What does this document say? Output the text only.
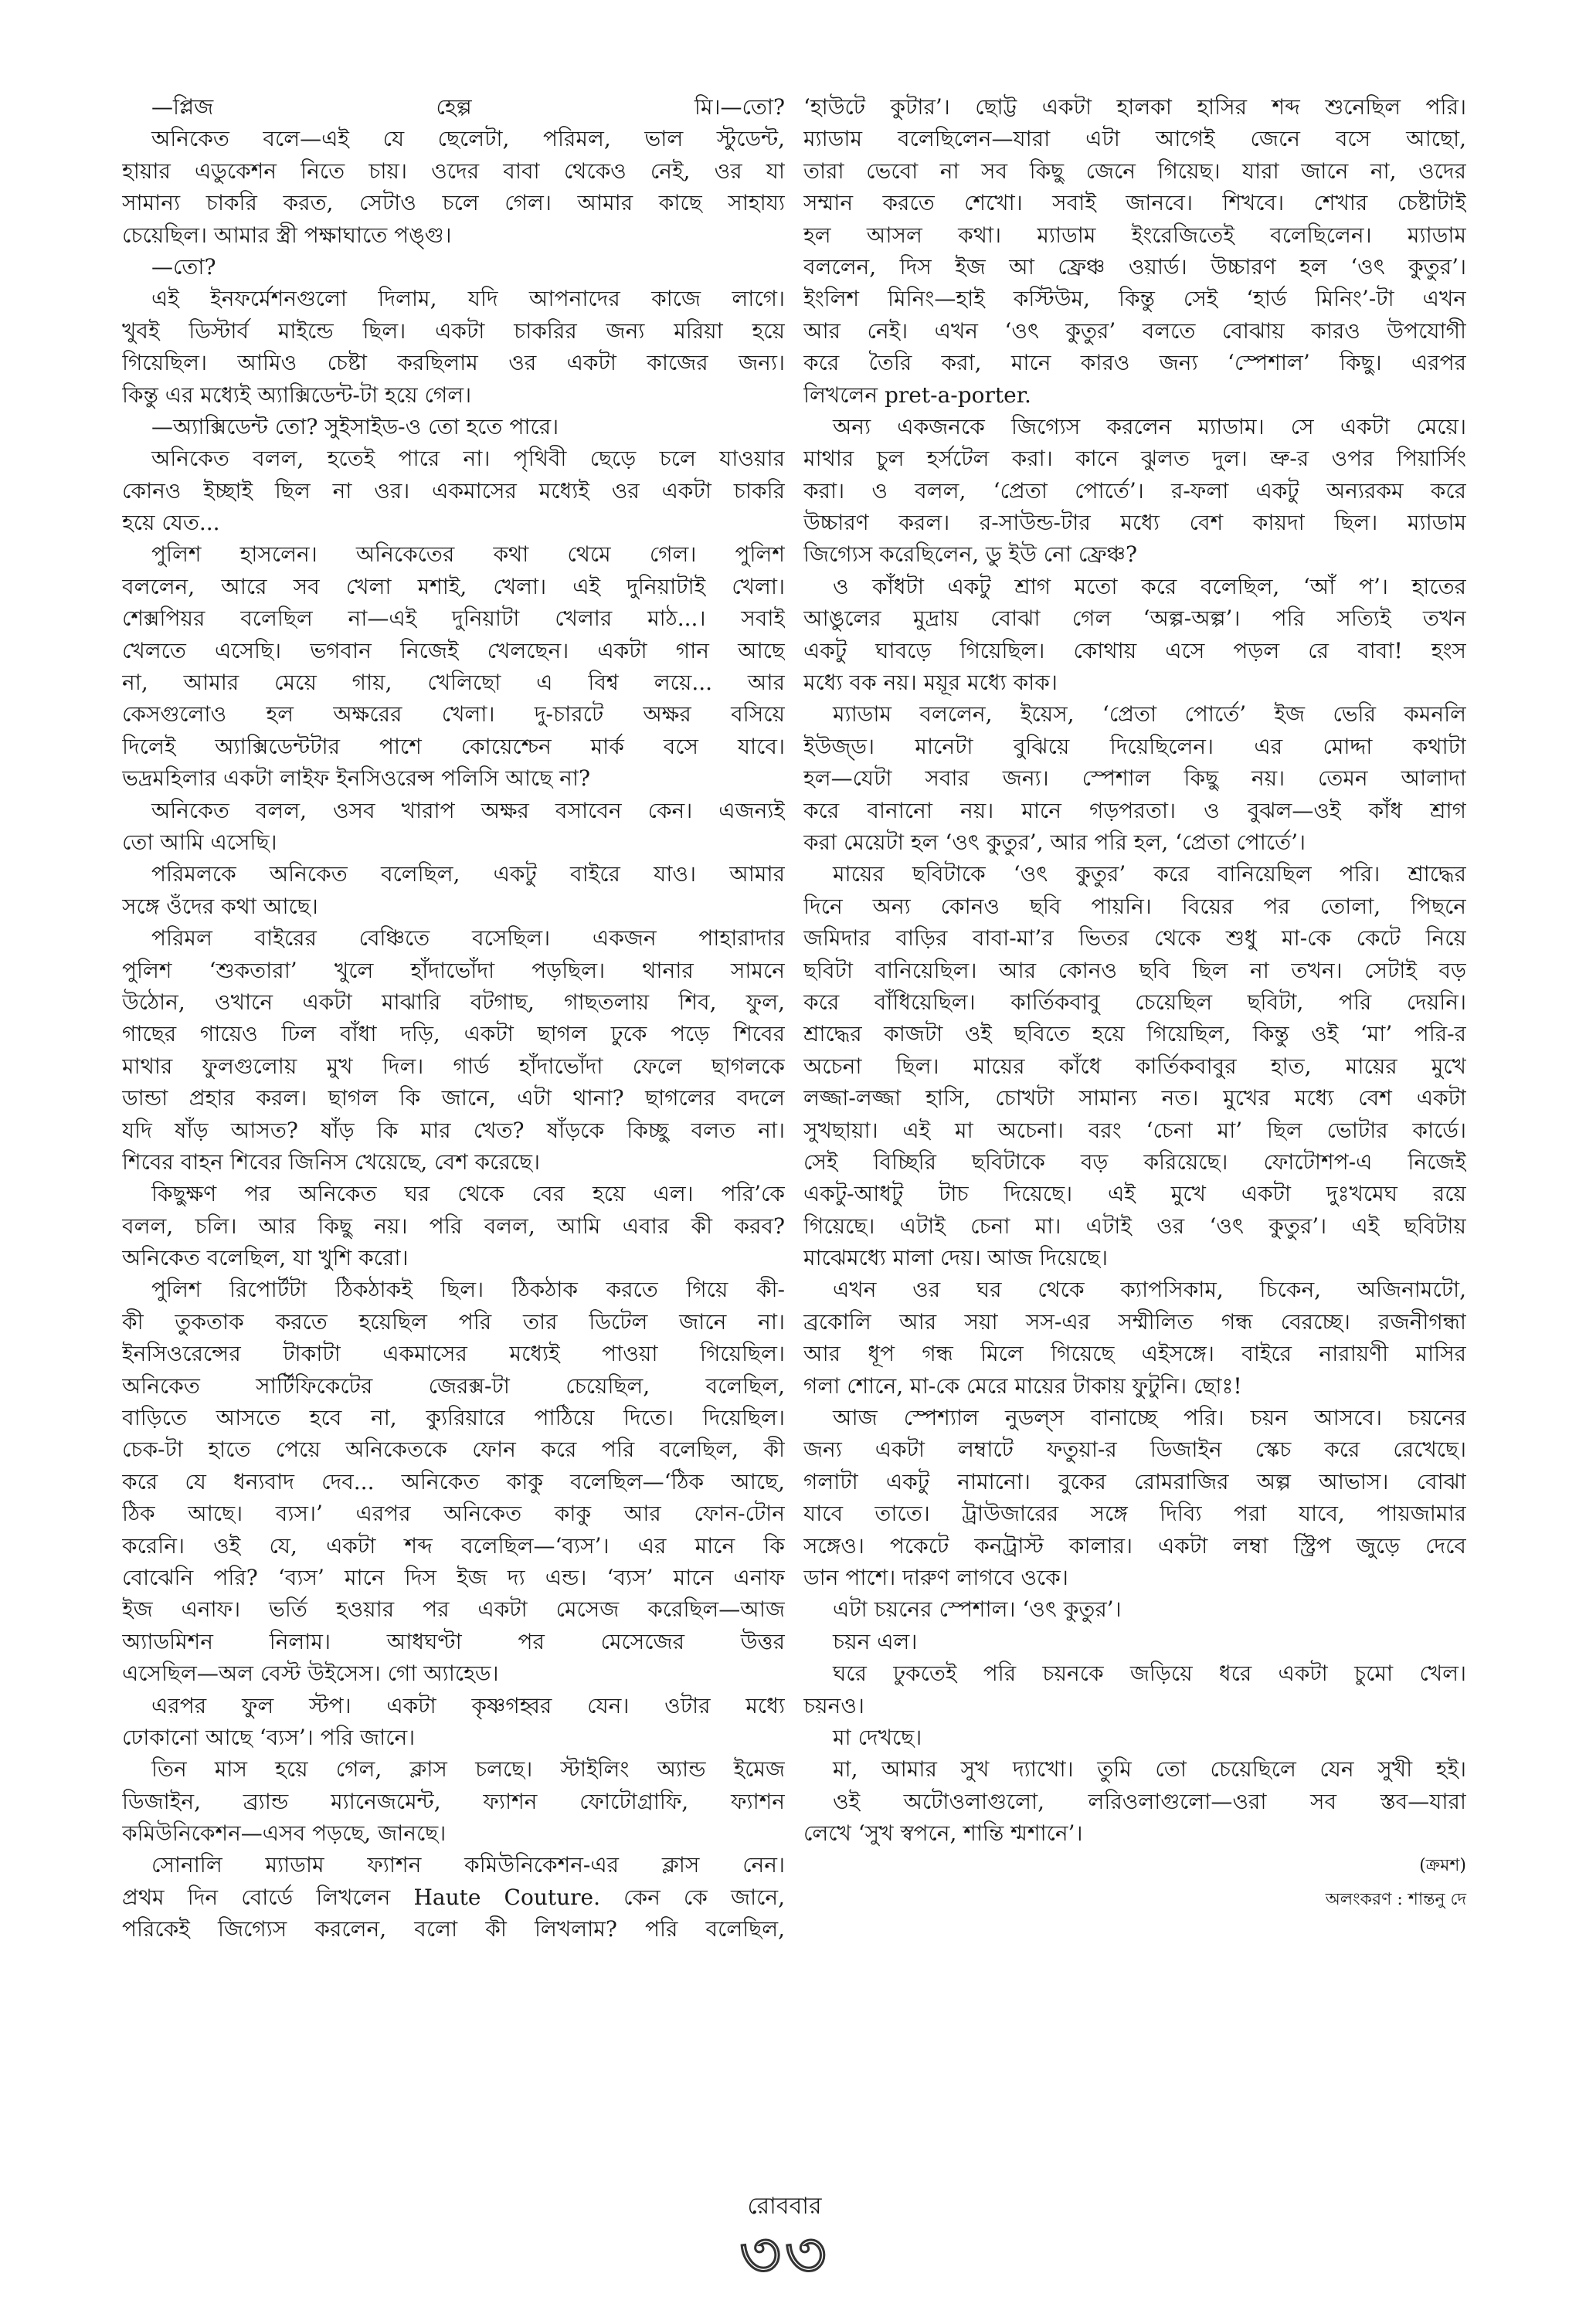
—প্লিজ হেল্প মি।—তো?
অনিকেত বলে—এই যে ছেলেটা, পরিমল, ভাল স্টুডেন্ট,
হায়ার এডুকেশন নিতে চায়। ওদের বাবা থেকেও নেই, ওর যা
সামান্য চাকরি করত, সেটাও চলে গেল। আমার কাছে সাহায্য
চেয়েছিল। আমার স্ত্রী পক্ষাঘাতে পঙ্গু।
—তো?
এই ইনফর্মেশনগুলো দিলাম, যদি আপনাদের কাজে লাগে।
খুবই ডিস্টার্ব মাইন্ডে ছিল। একটা চাকরির জন্য মরিয়া হয়ে
গিয়েছিল। আমিও চেষ্টা করছিলাম ওর একটা কাজের জন্য।
কিন্তু এর মধ্যেই অ্যাক্সিডেন্ট-টা হয়ে গেল।
—অ্যাক্সিডেন্ট তো? সুইসাইড-ও তো হতে পারে।
অনিকেত বলল, হতেই পারে না। পৃথিবী ছেড়ে চলে যাওয়ার
কোনও ইচ্ছাই ছিল না ওর। একমাসের মধ্যেই ওর একটা চাকরি
হয়ে যেত...
পুলিশ হাসলেন। অনিকেতের কথা থেমে গেল। পুলিশ
বললেন, আরে সব খেলা মশাই, খেলা। এই দুনিয়াটাই খেলা।
শেক্সপিয়র বলেছিল না—এই দুনিয়াটা খেলার মাঠ...। সবাই
খেলতে এসেছি। ভগবান নিজেই খেলছেন। একটা গান আছে
না, আমার মেয়ে গায়, খেলিছো এ বিশ্ব লয়ে... আর
কেসগুলোও হল অক্ষরের খেলা। দু-চারটে অক্ষর বসিয়ে
দিলেই অ্যাক্সিডেন্টটার পাশে কোয়েশ্চেন মার্ক বসে যাবে।
ভদ্রমহিলার একটা লাইফ ইনসিওরেন্স পলিসি আছে না?
অনিকেত বলল, ওসব খারাপ অক্ষর বসাবেন কেন। এজন্যই
তো আমি এসেছি।
পরিমলকে অনিকেত বলেছিল, একটু বাইরে যাও। আমার
সঙ্গে ওঁদের কথা আছে।
পরিমল বাইরের বেঞ্চিতে বসেছিল। একজন পাহারাদার
পুলিশ ‘শুকতারা’ খুলে হাঁদাভোঁদা পড়ছিল। থানার সামনে
উঠোন, ওখানে একটা মাঝারি বটগাছ, গাছতলায় শিব, ফুল,
গাছের গায়েও ঢিল বাঁধা দড়ি, একটা ছাগল ঢুকে পড়ে শিবের
মাথার ফুলগুলোয় মুখ দিল। গার্ড হাঁদাভোঁদা ফেলে ছাগলকে
ডান্ডা প্রহার করল। ছাগল কি জানে, এটা থানা? ছাগলের বদলে
যদি ষাঁড় আসত? ষাঁড় কি মার খেত? ষাঁড়কে কিচ্ছু বলত না।
শিবের বাহন শিবের জিনিস খেয়েছে, বেশ করেছে।
কিছুক্ষণ পর অনিকেত ঘর থেকে বের হয়ে এল। পরি’কে
বলল, চলি। আর কিছু নয়। পরি বলল, আমি এবার কী করব?
অনিকেত বলেছিল, যা খুশি করো।
পুলিশ রিপোর্টটা ঠিকঠাকই ছিল। ঠিকঠাক করতে গিয়ে কী-
কী তুকতাক করতে হয়েছিল পরি তার ডিটেল জানে না।
ইনসিওরেন্সের টাকাটা একমাসের মধ্যেই পাওয়া গিয়েছিল।
অনিকেত সার্টিফিকেটের জেরক্স-টা চেয়েছিল, বলেছিল,
বাড়িতে আসতে হবে না, ক্যুরিয়ারে পাঠিয়ে দিতে। দিয়েছিল।
চেক-টা হাতে পেয়ে অনিকেতকে ফোন করে পরি বলেছিল, কী
করে যে ধন্যবাদ দেব... অনিকেত কাকু বলেছিল—‘ঠিক আছে,
ঠিক আছে। ব্যস।’ এরপর অনিকেত কাকু আর ফোন-টোন
করেনি। ওই যে, একটা শব্দ বলেছিল—‘ব্যস’। এর মানে কি
বোঝেনি পরি? ‘ব্যস’ মানে দিস ইজ দ্য এন্ড। ‘ব্যস’ মানে এনাফ
ইজ এনাফ। ভর্তি হওয়ার পর একটা মেসেজ করেছিল—আজ
অ্যাডমিশন নিলাম। আধঘণ্টা পর মেসেজের উত্তর
এসেছিল—অল বেস্ট উইসেস। গো অ্যাহেড।
এরপর ফুল স্টপ। একটা কৃষ্ণগহ্বর যেন। ওটার মধ্যে
ঢোকানো আছে ‘ব্যস’। পরি জানে।
তিন মাস হয়ে গেল, ক্লাস চলছে। স্টাইলিং অ্যান্ড ইমেজ
ডিজাইন, ব্র্যান্ড ম্যানেজমেন্ট, ফ্যাশন ফোটোগ্রাফি, ফ্যাশন
কমিউনিকেশন—এসব পড়ছে, জানছে।
সোনালি ম্যাডাম ফ্যাশন কমিউনিকেশন-এর ক্লাস নেন।
প্রথম দিন বোর্ডে লিখলেন Haute Couture. কেন কে জানে,
পরিকেই জিগ্যেস করলেন, বলো কী লিখলাম? পরি বলেছিল,
‘হাউটে কুটার’। ছোট্ট একটা হালকা হাসির শব্দ শুনেছিল পরি।
ম্যাডাম বলেছিলেন—যারা এটা আগেই জেনে বসে আছো,
তারা ভেবো না সব কিছু জেনে গিয়েছ। যারা জানে না, ওদের
সম্মান করতে শেখো। সবাই জানবে। শিখবে। শেখার চেষ্টাটাই
হল আসল কথা। ম্যাডাম ইংরেজিতেই বলেছিলেন। ম্যাডাম
বললেন, দিস ইজ আ ফ্রেঞ্চ ওয়ার্ড। উচ্চারণ হল ‘ওৎ কুতুর’।
ইংলিশ মিনিং—হাই কস্টিউম, কিন্তু সেই ‘হার্ড মিনিং’-টা এখন
আর নেই। এখন ‘ওৎ কুতুর’ বলতে বোঝায় কারও উপযোগী
করে তৈরি করা, মানে কারও জন্য ‘স্পেশাল’ কিছু। এরপর
লিখলেন pret-a-porter.
অন্য একজনকে জিগ্যেস করলেন ম্যাডাম। সে একটা মেয়ে।
মাথার চুল হর্সটেল করা। কানে ঝুলত দুল। ভ্রু-র ওপর পিয়ার্সিং
করা। ও বলল, ‘প্রেতা পোর্তে’। র-ফলা একটু অন্যরকম করে
উচ্চারণ করল। র-সাউন্ড-টার মধ্যে বেশ কায়দা ছিল। ম্যাডাম
জিগ্যেস করেছিলেন, ডু ইউ নো ফ্রেঞ্চ?
ও কাঁধটা একটু শ্রাগ মতো করে বলেছিল, ‘আঁ প’। হাতের
আঙুলের মুদ্রায় বোঝা গেল ‘অল্প-অল্প’। পরি সত্যিই তখন
একটু ঘাবড়ে গিয়েছিল। কোথায় এসে পড়ল রে বাবা! হংস
মধ্যে বক নয়। ময়ূর মধ্যে কাক।
ম্যাডাম বললেন, ইয়েস, ‘প্রেতা পোর্তে’ ইজ ভেরি কমনলি
ইউজ্‌ড। মানেটা বুঝিয়ে দিয়েছিলেন। এর মোদ্দা কথাটা
হল—যেটা সবার জন্য। স্পেশাল কিছু নয়। তেমন আলাদা
করে বানানো নয়। মানে গড়পরতা। ও বুঝল—ওই কাঁধ শ্রাগ
করা মেয়েটা হল ‘ওৎ কুতুর’, আর পরি হল, ‘প্রেতা পোর্তে’।
মায়ের ছবিটাকে ‘ওৎ কুতুর’ করে বানিয়েছিল পরি। শ্রাদ্ধের
দিনে অন্য কোনও ছবি পায়নি। বিয়ের পর তোলা, পিছনে
জমিদার বাড়ির বাবা-মা’র ভিতর থেকে শুধু মা-কে কেটে নিয়ে
ছবিটা বানিয়েছিল। আর কোনও ছবি ছিল না তখন। সেটাই বড়
করে বাঁধিয়েছিল। কার্তিকবাবু চেয়েছিল ছবিটা, পরি দেয়নি।
শ্রাদ্ধের কাজটা ওই ছবিতে হয়ে গিয়েছিল, কিন্তু ওই ‘মা’ পরি-র
অচেনা ছিল। মায়ের কাঁধে কার্তিকবাবুর হাত, মায়ের মুখে
লজ্জা-লজ্জা হাসি, চোখটা সামান্য নত। মুখের মধ্যে বেশ একটা
সুখছায়া। এই মা অচেনা। বরং ‘চেনা মা’ ছিল ভোটার কার্ডে।
সেই বিচ্ছিরি ছবিটাকে বড় করিয়েছে। ফোটোশপ-এ নিজেই
একটু-আধটু টাচ দিয়েছে। এই মুখে একটা দুঃখমেঘ রয়ে
গিয়েছে। এটাই চেনা মা। এটাই ওর ‘ওৎ কুতুর’। এই ছবিটায়
মাঝেমধ্যে মালা দেয়। আজ দিয়েছে।
এখন ওর ঘর থেকে ক্যাপসিকাম, চিকেন, অজিনামটো,
ব্রকোলি আর সয়া সস-এর সম্মীলিত গন্ধ বেরচ্ছে। রজনীগন্ধা
আর ধূপ গন্ধ মিলে গিয়েছে এইসঙ্গে। বাইরে নারায়ণী মাসির
গলা শোনে, মা-কে মেরে মায়ের টাকায় ফুটুনি। ছোঃ!
আজ স্পেশ্যাল নুডল্‌স বানাচ্ছে পরি। চয়ন আসবে। চয়নের
জন্য একটা লম্বাটে ফতুয়া-র ডিজাইন স্কেচ করে রেখেছে।
গলাটা একটু নামানো। বুকের রোমরাজির অল্প আভাস। বোঝা
যাবে তাতে। ট্রাউজারের সঙ্গে দিব্যি পরা যাবে, পায়জামার
সঙ্গেও। পকেটে কনট্রাস্ট কালার। একটা লম্বা স্ট্রিপ জুড়ে দেবে
ডান পাশে। দারুণ লাগবে ওকে।
এটা চয়নের স্পেশাল। ‘ওৎ কুতুর’।
চয়ন এল।
ঘরে ঢুকতেই পরি চয়নকে জড়িয়ে ধরে একটা চুমো খেল।
চয়নও।
মা দেখছে।
মা, আমার সুখ দ্যাখো। তুমি তো চেয়েছিলে যেন সুখী হই।
ওই অটোওলাগুলো, লরিওলাগুলো—ওরা সব স্তব—যারা
লেখে ‘সুখ স্বপনে, শান্তি শ্মশানে’।
(ক্রমশ)
অলংকরণ : শান্তনু দে
রোববার
৩৩
